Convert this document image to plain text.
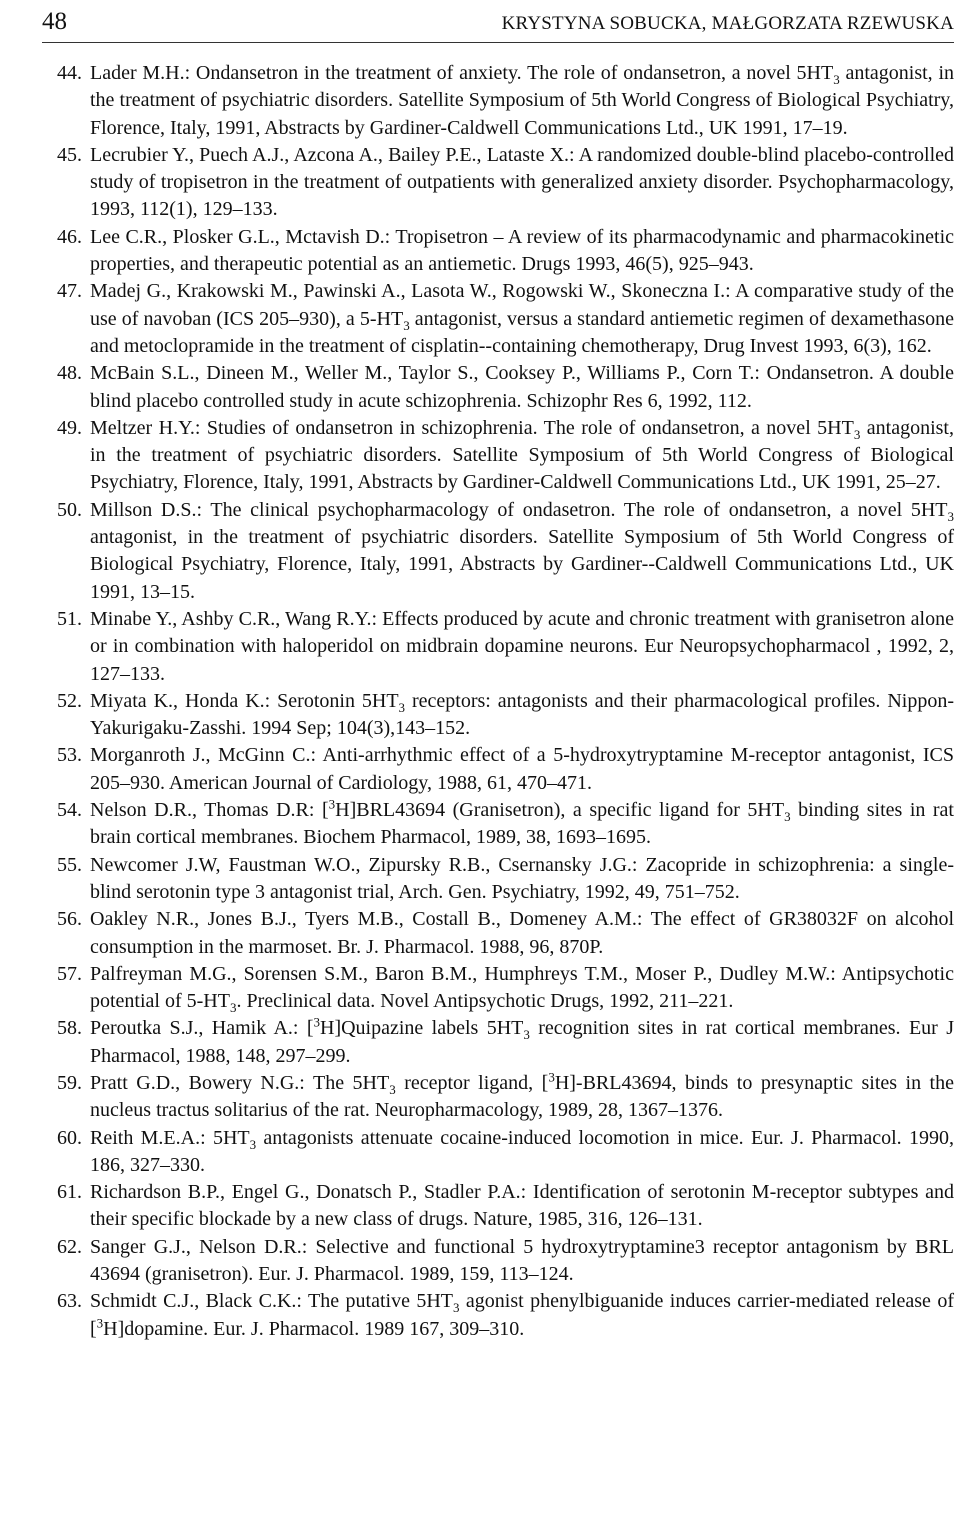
48	KRYSTYNA SOBUCKA, MAŁGORZATA RZEWUSKA

44. Lader M.H.: Ondansetron in the treatment of anxiety. The role of ondansetron, a novel $5HT_3$ antagonist, in the treatment of psychiatric disorders. Satellite Symposium of 5th World Congress of Biological Psychiatry, Florence, Italy, 1991, Abstracts by Gardiner-Caldwell Communications Ltd., UK 1991, 17–19.

45. Lecrubier Y., Puech A.J., Azcona A., Bailey P.E., Lataste X.: A randomized double-blind placebo-controlled study of tropisetron in the treatment of outpatients with generalized anxiety disorder. Psychopharmacology, 1993, 112(1), 129–133.

46. Lee C.R., Plosker G.L., Mctavish D.: Tropisetron – A review of its pharmacodynamic and pharmacokinetic properties, and therapeutic potential as an antiemetic. Drugs 1993, 46(5), 925–943.

47. Madej G., Krakowski M., Pawinski A., Lasota W., Rogowski W., Skoneczna I.: A comparative study of the use of navoban (ICS 205–930), a $5-HT_3$ antagonist, versus a standard antiemetic regimen of dexamethasone and metoclopramide in the treatment of cisplatin--containing chemotherapy, Drug Invest 1993, 6(3), 162.

48. McBain S.L., Dineen M., Weller M., Taylor S., Cooksey P., Williams P., Corn T.: Ondansetron. A double blind placebo controlled study in acute schizophrenia. Schizophr Res 6, 1992, 112.

49. Meltzer H.Y.: Studies of ondansetron in schizophrenia. The role of ondansetron, a novel $5HT_3$ antagonist, in the treatment of psychiatric disorders. Satellite Symposium of 5th World Congress of Biological Psychiatry, Florence, Italy, 1991, Abstracts by Gardiner-Caldwell Communications Ltd., UK 1991, 25–27.

50. Millson D.S.: The clinical psychopharmacology of ondasetron. The role of ondansetron, a novel $5HT_3$ antagonist, in the treatment of psychiatric disorders. Satellite Symposium of 5th World Congress of Biological Psychiatry, Florence, Italy, 1991, Abstracts by Gardiner--Caldwell Communications Ltd., UK 1991, 13–15.

51. Minabe Y., Ashby C.R., Wang R.Y.: Effects produced by acute and chronic treatment with granisetron alone or in combination with haloperidol on midbrain dopamine neurons. Eur Neuropsychopharmacol , 1992, 2, 127–133.

52. Miyata K., Honda K.: Serotonin $5HT_3$ receptors: antagonists and their pharmacological profiles. Nippon-Yakurigaku-Zasshi. 1994 Sep; 104(3),143–152.

53. Morganroth J., McGinn C.: Anti-arrhythmic effect of a 5-hydroxytryptamine M-receptor antagonist, ICS 205–930. American Journal of Cardiology, 1988, 61, 470–471.

54. Nelson D.R., Thomas D.R: [$^3$H]BRL43694 (Granisetron), a specific ligand for $5HT_3$ binding sites in rat brain cortical membranes. Biochem Pharmacol, 1989, 38, 1693–1695.

55. Newcomer J.W, Faustman W.O., Zipursky R.B., Csernansky J.G.: Zacopride in schizophrenia: a single-blind serotonin type 3 antagonist trial, Arch. Gen. Psychiatry, 1992, 49, 751–752.

56. Oakley N.R., Jones B.J., Tyers M.B., Costall B., Domeney A.M.: The effect of GR38032F on alcohol consumption in the marmoset. Br. J. Pharmacol. 1988, 96, 870P.

57. Palfreyman M.G., Sorensen S.M., Baron B.M., Humphreys T.M., Moser P., Dudley M.W.: Antipsychotic potential of $5-HT_3$. Preclinical data. Novel Antipsychotic Drugs, 1992, 211–221.

58. Peroutka S.J., Hamik A.: [$^3$H]Quipazine labels $5HT_3$ recognition sites in rat cortical membranes. Eur J Pharmacol, 1988, 148, 297–299.

59. Pratt G.D., Bowery N.G.: The $5HT_3$ receptor ligand, [$^3$H]-BRL43694, binds to presynaptic sites in the nucleus tractus solitarius of the rat. Neuropharmacology, 1989, 28, 1367–1376.

60. Reith M.E.A.: $5HT_3$ antagonists attenuate cocaine-induced locomotion in mice. Eur. J. Pharmacol. 1990, 186, 327–330.

61. Richardson B.P., Engel G., Donatsch P., Stadler P.A.: Identification of serotonin M-receptor subtypes and their specific blockade by a new class of drugs. Nature, 1985, 316, 126–131.

62. Sanger G.J., Nelson D.R.: Selective and functional 5 hydroxytryptamine3 receptor antagonism by BRL 43694 (granisetron). Eur. J. Pharmacol. 1989, 159, 113–124.

63. Schmidt C.J., Black C.K.: The putative $5HT_3$ agonist phenylbiguanide induces carrier-mediated release of [$^3$H]dopamine. Eur. J. Pharmacol. 1989 167, 309–310.
